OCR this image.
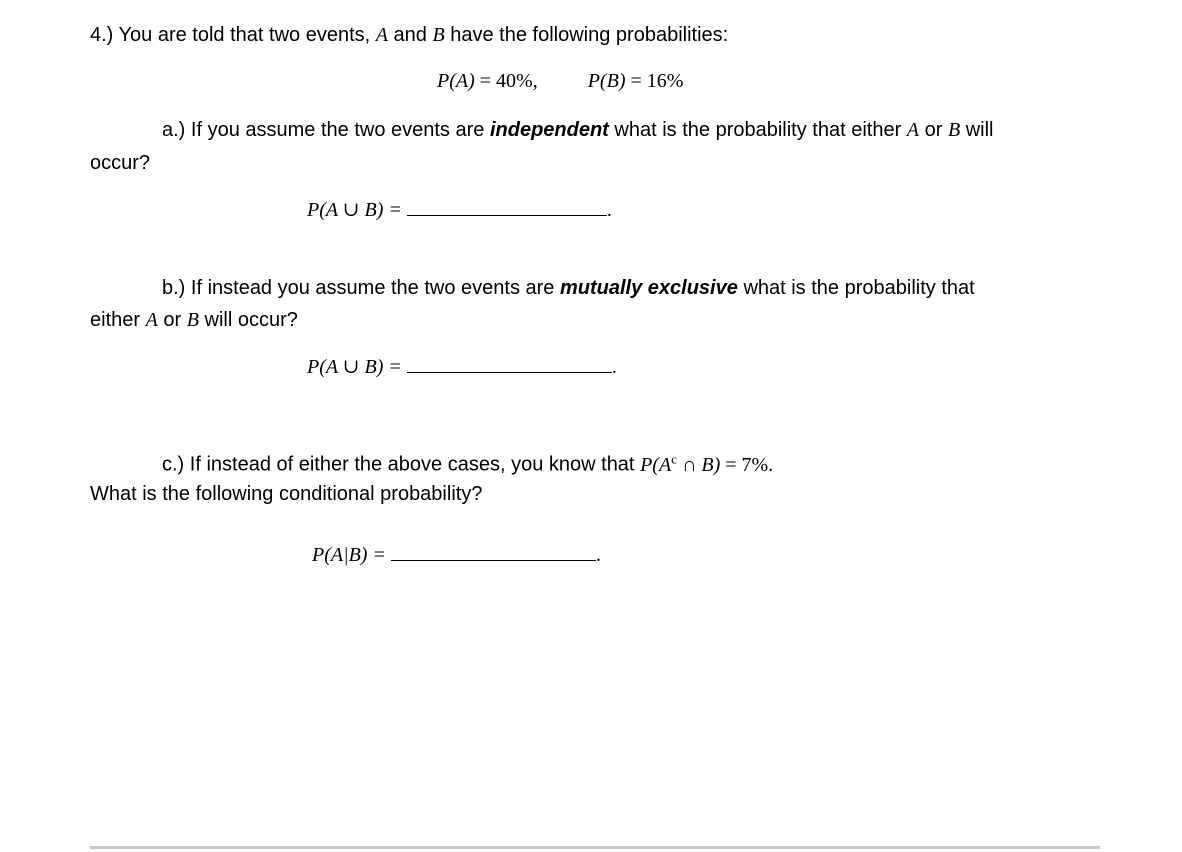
4.) You are told that two events, A and B have the following probabilities:
P(A) = 40%,	P(B) = 16%
a.) If you assume the two events are independent what is the probability that either A or B will
occur?
P(A ∪ B) =	.
b.) If instead you assume the two events are mutually exclusive what is the probability that
either A or B will occur?
P(A ∪ B) =	.
c.) If instead of either the above cases, you know that $P(A^c$ ∩ B) = 7%.
What is the following conditional probability?
P(A|B) =	.
